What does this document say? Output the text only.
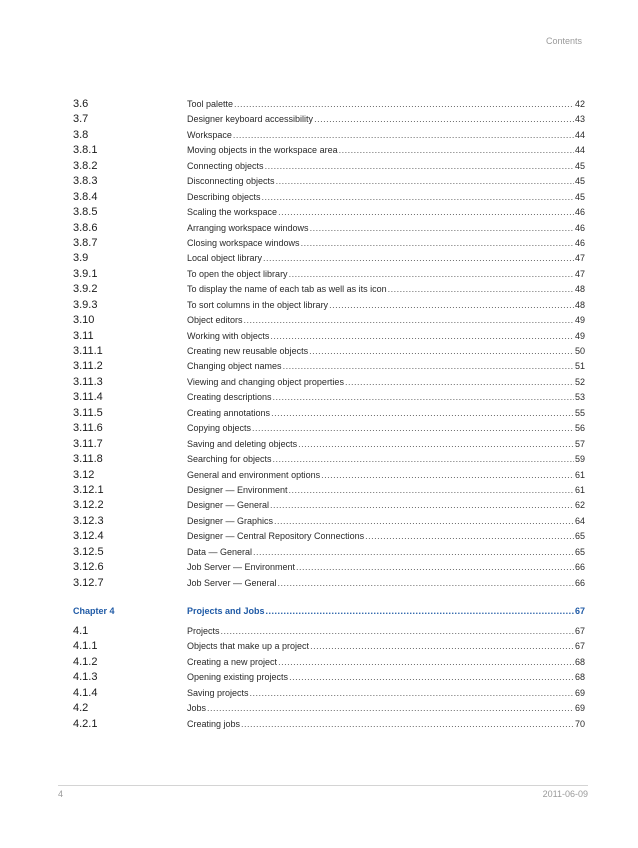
Contents
3.6	Tool palette .....	42
3.7	Designer keyboard accessibility .....	43
3.8	Workspace .....	44
3.8.1	Moving objects in the workspace area .....	44
3.8.2	Connecting objects .....	45
3.8.3	Disconnecting objects .....	45
3.8.4	Describing objects .....	45
3.8.5	Scaling the workspace .....	46
3.8.6	Arranging workspace windows .....	46
3.8.7	Closing workspace windows .....	46
3.9	Local object library .....	47
3.9.1	To open the object library .....	47
3.9.2	To display the name of each tab as well as its icon .....	48
3.9.3	To sort columns in the object library .....	48
3.10	Object editors .....	49
3.11	Working with objects .....	49
3.11.1	Creating new reusable objects .....	50
3.11.2	Changing object names .....	51
3.11.3	Viewing and changing object properties .....	52
3.11.4	Creating descriptions .....	53
3.11.5	Creating annotations .....	55
3.11.6	Copying objects .....	56
3.11.7	Saving and deleting objects .....	57
3.11.8	Searching for objects .....	59
3.12	General and environment options .....	61
3.12.1	Designer — Environment .....	61
3.12.2	Designer — General .....	62
3.12.3	Designer — Graphics .....	64
3.12.4	Designer — Central Repository Connections .....	65
3.12.5	Data — General .....	65
3.12.6	Job Server — Environment .....	66
3.12.7	Job Server — General .....	66
Chapter 4	Projects and Jobs .....	67
4.1	Projects .....	67
4.1.1	Objects that make up a project .....	67
4.1.2	Creating a new project .....	68
4.1.3	Opening existing projects .....	68
4.1.4	Saving projects .....	69
4.2	Jobs .....	69
4.2.1	Creating jobs .....	70
4	2011-06-09
